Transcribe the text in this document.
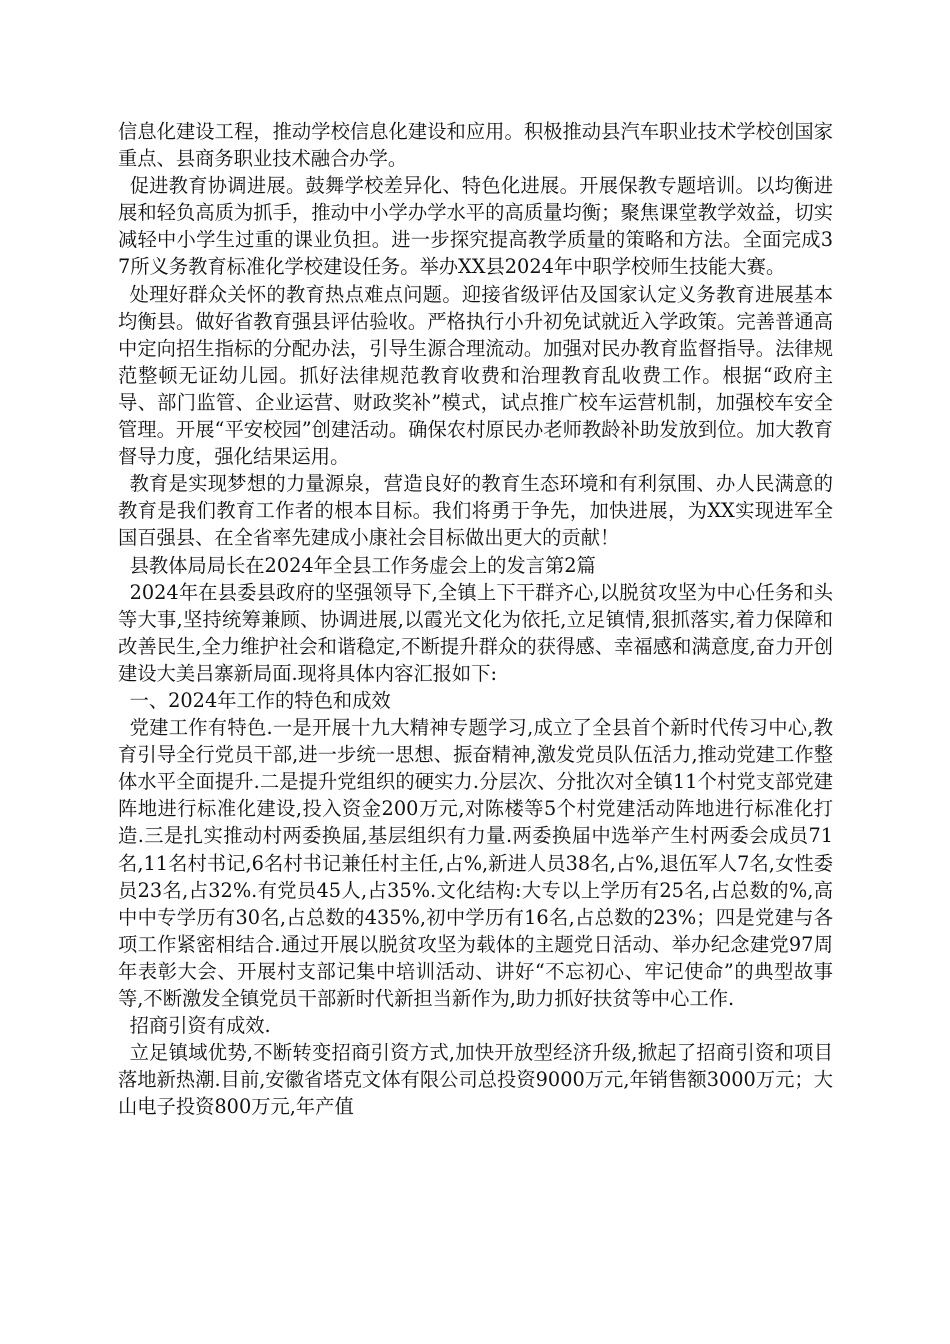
信息化建设工程，推动学校信息化建设和应用。积极推动县汽车职业技术学校创国家重点、县商务职业技术融合办学。

促进教育协调进展。鼓舞学校差异化、特色化进展。开展保教专题培训。以均衡进展和轻负高质为抓手，推动中小学办学水平的高质量均衡；聚焦课堂教学效益，切实减轻中小学生过重的课业负担。进一步探究提高教学质量的策略和方法。全面完成37所义务教育标准化学校建设任务。举办XX县2024年中职学校师生技能大赛。

处理好群众关怀的教育热点难点问题。迎接省级评估及国家认定义务教育进展基本均衡县。做好省教育强县评估验收。严格执行小升初免试就近入学政策。完善普通高中定向招生指标的分配办法，引导生源合理流动。加强对民办教育监督指导。法律规范整顿无证幼儿园。抓好法律规范教育收费和治理教育乱收费工作。根据“政府主导、部门监管、企业运营、财政奖补”模式，试点推广校车运营机制，加强校车安全管理。开展“平安校园”创建活动。确保农村原民办老师教龄补助发放到位。加大教育督导力度，强化结果运用。

教育是实现梦想的力量源泉，营造良好的教育生态环境和有利氛围、办人民满意的教育是我们教育工作者的根本目标。我们将勇于争先，加快进展，为XX实现进军全国百强县、在全省率先建成小康社会目标做出更大的贡献！

县教体局局长在2024年全县工作务虚会上的发言第2篇

2024年在县委县政府的坚强领导下,全镇上下干群齐心,以脱贫攻坚为中心任务和头等大事,坚持统筹兼顾、协调进展,以霞光文化为依托,立足镇情,狠抓落实,着力保障和改善民生,全力维护社会和谐稳定,不断提升群众的获得感、幸福感和满意度,奋力开创建设大美吕寨新局面.现将具体内容汇报如下:

一、2024年工作的特色和成效

党建工作有特色.一是开展十九大精神专题学习,成立了全县首个新时代传习中心,教育引导全行党员干部,进一步统一思想、振奋精神,激发党员队伍活力,推动党建工作整体水平全面提升.二是提升党组织的硬实力.分层次、分批次对全镇11个村党支部党建阵地进行标准化建设,投入资金200万元,对陈楼等5个村党建活动阵地进行标准化打造.三是扎实推动村两委换届,基层组织有力量.两委换届中选举产生村两委会成员71名,11名村书记,6名村书记兼任村主任,占%,新进人员38名,占%,退伍军人7名,女性委员23名,占32%.有党员45人,占35%.文化结构:大专以上学历有25名,占总数的%,高中中专学历有30名,占总数的435%,初中学历有16名,占总数的23%；四是党建与各项工作紧密相结合.通过开展以脱贫攻坚为载体的主题党日活动、举办纪念建党97周年表彰大会、开展村支部记集中培训活动、讲好“不忘初心、牢记使命”的典型故事等,不断激发全镇党员干部新时代新担当新作为,助力抓好扶贫等中心工作.

招商引资有成效.

立足镇域优势,不断转变招商引资方式,加快开放型经济升级,掀起了招商引资和项目落地新热潮.目前,安徽省塔克文体有限公司总投资9000万元,年销售额3000万元；大山电子投资800万元,年产值
